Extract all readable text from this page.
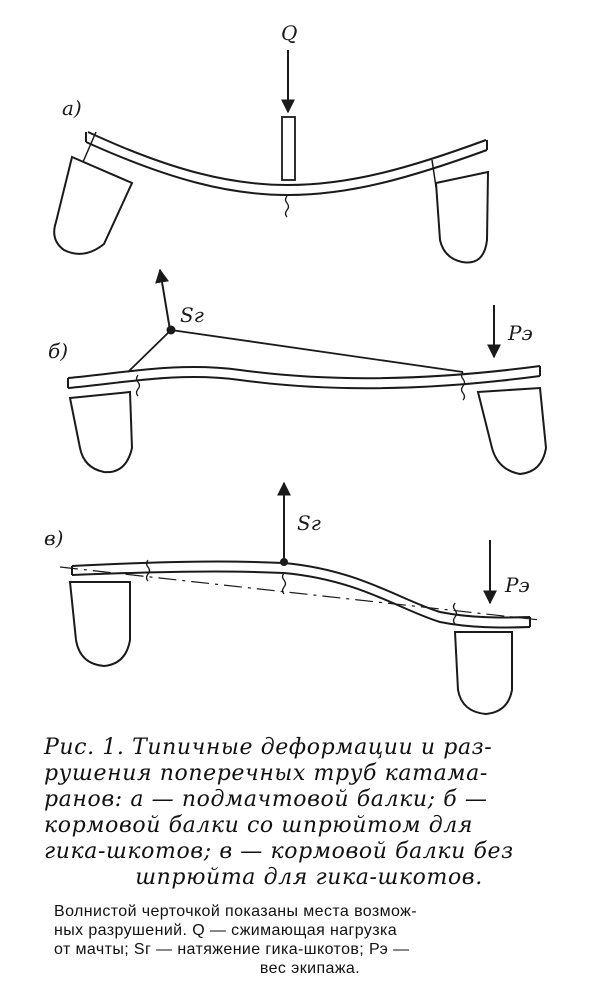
а)
Q
б)
Sг
Рэ
в)
Sг
Рэ
Рис. 1. Типичные деформации и раз-
рушения поперечных труб катама-
ранов: а — подмачтовой балки; б —
кормовой балки со шпрюйтом для
гика-шкотов; в — кормовой балки без
шпрюйта для гика-шкотов.
Волнистой черточкой показаны места возмож-
ных разрушений. Q — сжимающая нагрузка
от мачты; Sг — натяжение гика-шкотов; Рэ —
вес экипажа.
